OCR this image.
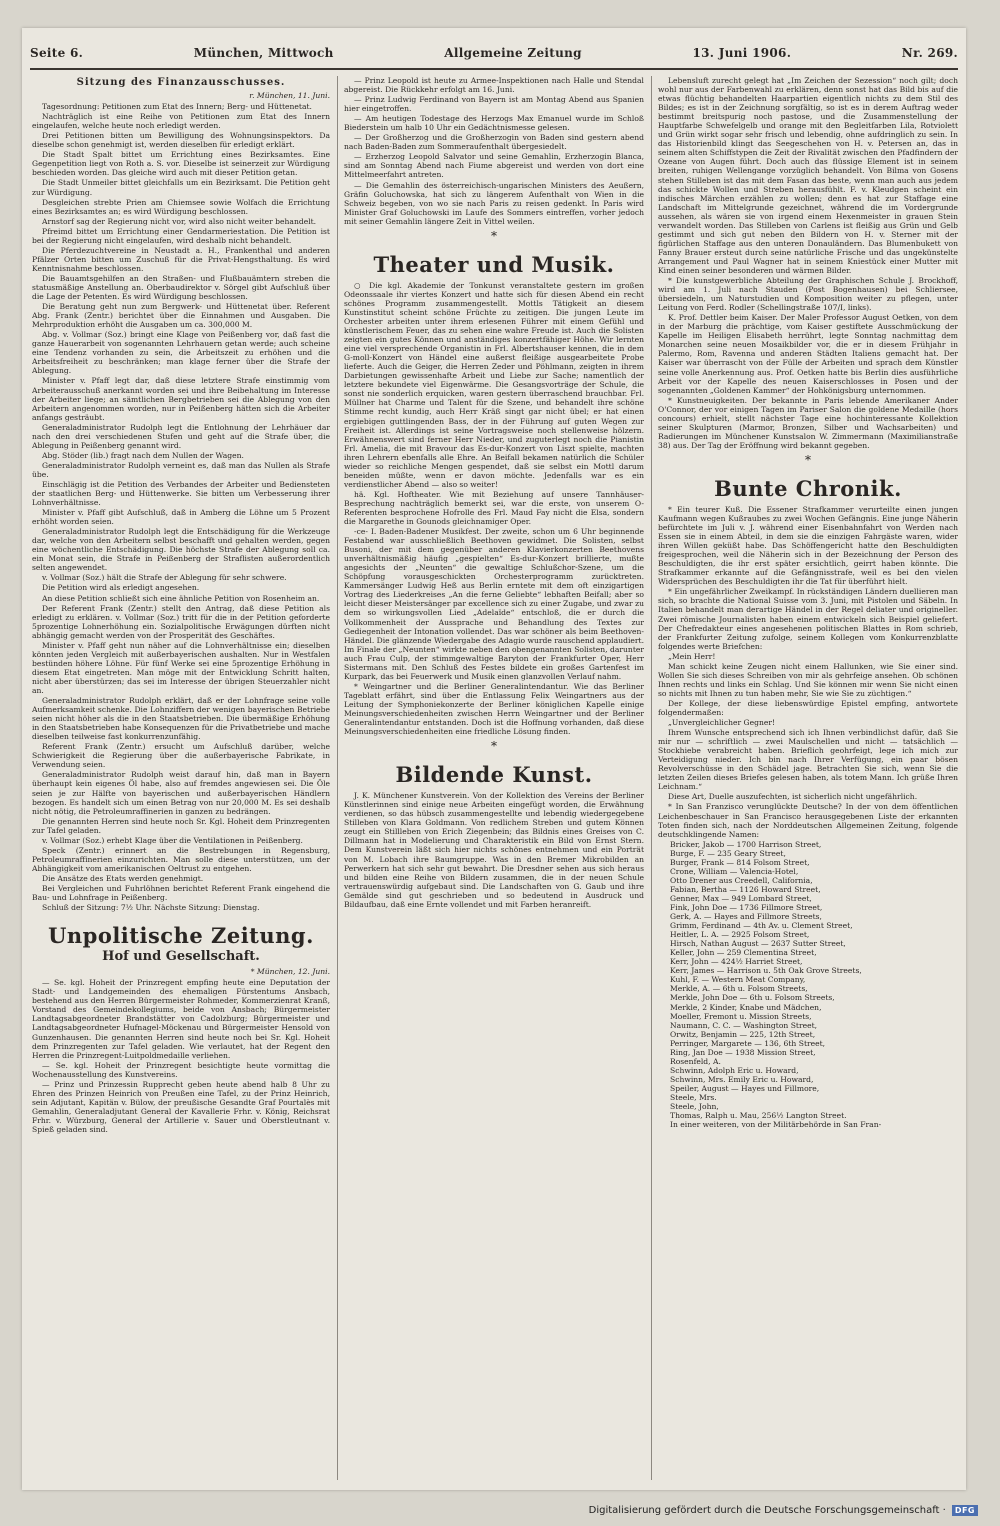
Seite 6.	München, Mittwoch	Allgemeine Zeitung	13. Juni 1906.	Nr. 269.
Sitzung des Finanzausschusses.
r. München, 11. Juni.

Tagesordnung: Petitionen zum Etat des Innern; Berg- und Hüttenetat.

Nachträglich ist eine Reihe von Petitionen zum Etat des Innern eingelaufen, welche heute noch erledigt werden.

Drei Petitionen bitten um Bewilligung des Wohnungsinspektors. Da dieselbe schon genehmigt ist, werden dieselben für erledigt erklärt.

Die Stadt Spalt bittet um Errichtung eines Bezirksamtes. Eine Gegenpetition liegt von Roth a. S. vor. Dieselbe ist seinerzeit zur Würdigung beschieden worden. Das gleiche wird auch mit dieser Petition getan.

Die Stadt Unmeiler bittet gleichfalls um ein Bezirksamt. Die Petition geht zur Würdigung.

Desgleichen strebte Prien am Chiemsee sowie Wolfach die Errichtung eines Bezirksamtes an; es wird Würdigung beschlossen.

Arnstorf sag der Regierung nicht vor, wird also nicht weiter behandelt.

Pfreimd bittet um Errichtung einer Gendarmeriestation. Die Petition ist bei der Regierung nicht eingelaufen, wird deshalb nicht behandelt.

Die Pferdezuchtvereine in Neustadt a. H., Frankenthal und anderen Pfälzer Orten bitten um Zuschuß für die Privat-Hengsthaltung. Es wird Kenntnisnahme beschlossen.

Die Bauamtsgehilfen an den Straßen- und Flußbauämtern streben die statusmäßige Anstellung an. Oberbaudirektor v. Sörgel gibt Aufschluß über die Lage der Petenten. Es wird Würdigung beschlossen.

Die Beratung geht nun zum Bergwerk- und Hüttenetat über. Referent Abg. Frank (Zentr.) berichtet über die Einnahmen und Ausgaben. Die Mehrproduktion erhöht die Ausgaben um ca. 300,000 M.

Abg. v. Vollmar (Soz.) bringt eine Klage von Peißenberg vor, daß fast die ganze Hauerarbeit von sogenannten Lehrhauern getan werde; auch scheine eine Tendenz vorhanden zu sein, die Arbeitszeit zu erhöhen und die Arbeitsfreiheit zu beschränken; man klage ferner über die Strafe der Ablegung.

Minister v. Pfaff legt dar, daß diese letztere Strafe einstimmig vom Arbeiterausschuß anerkannt worden sei und ihre Beibehaltung im Interesse der Arbeiter liege; an sämtlichen Bergbetrieben sei die Ablegung von den Arbeitern angenommen worden, nur in Peißenberg hätten sich die Arbeiter anfangs gesträubt.

Generaladministrator Rudolph legt die Entlohnung der Lehrhäuer dar nach den drei verschiedenen Stufen und geht auf die Strafe über, die Ablegung in Peißenberg genannt wird.

Abg. Stöder (lib.) fragt nach dem Nullen der Wagen.

Generaladministrator Rudolph verneint es, daß man das Nullen als Strafe übe.

Einschlägig ist die Petition des Verbandes der Arbeiter und Bediensteten der staatlichen Berg- und Hüttenwerke. Sie bitten um Verbesserung ihrer Lohnverhältnisse.

Minister v. Pfaff gibt Aufschluß, daß in Amberg die Löhne um 5 Prozent erhöht worden seien.

Generaladministrator Rudolph legt die Entschädigung für die Werkzeuge dar, welche von den Arbeitern selbst beschafft und gehalten werden, gegen eine wöchentliche Entschädigung. Die höchste Strafe der Ablegung soll ca. ein Monat sein, die Strafe in Peißenberg der Straflisten außerordentlich selten angewendet.

v. Vollmar (Soz.) hält die Strafe der Ablegung für sehr schwere.

Die Petition wird als erledigt angesehen.

An diese Petition schließt sich eine ähnliche Petition von Rosenheim an.

Der Referent Frank (Zentr.) stellt den Antrag, daß diese Petition als erledigt zu erklären. v. Vollmar (Soz.) tritt für die in der Petition geforderte 5prozentige Lohnerhöhung ein. Sozialpolitische Erwägungen dürften nicht abhängig gemacht werden von der Prosperität des Geschäftes.

Minister v. Pfaff geht nun näher auf die Lohnverhältnisse ein; dieselben könnten jeden Vergleich mit außerbayerischen aushalten. Nur in Westfalen bestünden höhere Löhne. Für fünf Werke sei eine 5prozentige Erhöhung in diesem Etat eingetreten. Man möge mit der Entwicklung Schritt halten, nicht aber überstürzen; das sei im Interesse der übrigen Steuerzahler nicht an.

Generaladministrator Rudolph erklärt, daß er der Lohnfrage seine volle Aufmerksamkeit schenke. Die Lohnziffern der wenigen bayerischen Betriebe seien nicht höher als die in den Staatsbetrieben. Die übermäßige Erhöhung in den Staatsbetrieben habe Konsequenzen für die Privatbetriebe und mache dieselben teilweise fast konkurrenzunfähig.

Referent Frank (Zentr.) ersucht um Aufschluß darüber, welche Schwierigkeit die Regierung über die außerbayerische Fabrikate, in Verwendung seien.

Generaladministrator Rudolph weist darauf hin, daß man in Bayern überhaupt kein eigenes Öl habe, also auf fremdes angewiesen sei. Die Öle seien je zur Hälfte von bayerischen und außerbayerischen Händlern bezogen. Es handelt sich um einen Betrag von nur 20,000 M. Es sei deshalb nicht nötig, die Petroleumraffinerien in ganzen zu bedrängen.

Die genannten Herren sind heute noch Sr. Kgl. Hoheit dem Prinzregenten zur Tafel geladen.

v. Vollmar (Soz.) erhebt Klage über die Ventilationen in Peißenberg.

Speck (Zentr.) erinnert an die Bestrebungen in Regensburg, Petroleumraffinerien einzurichten. Man solle diese unterstützen, um der Abhängigkeit vom amerikanischen Oeltrust zu entgehen.

Die Ansätze des Etats werden genehmigt.

Bei Vergleichen und Fuhrlöhnen berichtet Referent Frank eingehend die Bau- und Lohnfrage in Peißenberg.

Schluß der Sitzung: 7½ Uhr. Nächste Sitzung: Dienstag.

Unpolitische Zeitung.
Hof und Gesellschaft.
* München, 12. Juni.

— Se. kgl. Hoheit der Prinzregent empfing heute eine Deputation der Stadt- und Landgemeinden des ehemaligen Fürstentums Ansbach, bestehend aus den Herren Bürgermeister Rohmeder, Kommerzienrat Kranß, Vorstand des Gemeindekollegiums, beide von Ansbach; Bürgermeister Landtagsabgeordneter Brandstätter von Cadolzburg; Bürgermeister und Landtagsabgeordneter Hufnagel-Möckenau und Bürgermeister Hensold von Gunzenhausen. Die genannten Herren sind heute noch bei Sr. Kgl. Hoheit dem Prinzregenten zur Tafel geladen. Wie verlautet, hat der Regent den Herren die Prinzregent-Luitpoldmedaille verliehen.

— Se. kgl. Hoheit der Prinzregent besichtigte heute vormittag die Wochenausstellung des Kunstvereins.

— Prinz und Prinzessin Rupprecht geben heute abend halb 8 Uhr zu Ehren des Prinzen Heinrich von Preußen eine Tafel, zu der Prinz Heinrich, sein Adjutant, Kapitän v. Bülow, der preußische Gesandte Graf Pourtalès mit Gemahlin, Generaladjutant General der Kavallerie Frhr. v. König, Reichsrat Frhr. v. Würzburg, General der Artillerie v. Sauer und Oberstleutnant v. Spieß geladen sind.

— Prinz Leopold ist heute zu Armee-Inspektionen nach Halle und Stendal abgereist. Die Rückkehr erfolgt am 16. Juni.

— Prinz Ludwig Ferdinand von Bayern ist am Montag Abend aus Spanien hier eingetroffen.

— Am heutigen Todestage des Herzogs Max Emanuel wurde im Schloß Biederstein um halb 10 Uhr ein Gedächtnismesse gelesen.

— Der Großherzog und die Großherzogin von Baden sind gestern abend nach Baden-Baden zum Sommeraufenthalt übergesiedelt.

— Erzherzog Leopold Salvator und seine Gemahlin, Erzherzogin Blanca, sind am Sonntag Abend nach Fiume abgereist und werden von dort eine Mittelmeerfahrt antreten.

— Die Gemahlin des österreichisch-ungarischen Ministers des Aeußern, Gräfin Goluchowska, hat sich zu längerem Aufenthalt von Wien in die Schweiz begeben, von wo sie nach Paris zu reisen gedenkt. In Paris wird Minister Graf Goluchowski im Laufe des Sommers eintreffen, vorher jedoch mit seiner Gemahlin längere Zeit in Vittel weilen.

*
Theater und Musik.

○ Die kgl. Akademie der Tonkunst veranstaltete gestern im großen Odeonssaale ihr viertes Konzert und hatte sich für diesen Abend ein recht schönes Programm zusammengestellt. Mottls Tätigkeit an diesem Kunstinstitut scheint schöne Früchte zu zeitigen. Die jungen Leute im Orchester arbeiten unter ihrem erlesenen Führer mit einem Gefühl und künstlerischem Feuer, das zu sehen eine wahre Freude ist. Auch die Solisten zeigten ein gutes Können und anständiges konzertfähiger Höhe. Wir lernten eine viel versprechende Organistin in Frl. Albertshauser kennen, die in dem G-moll-Konzert von Händel eine außerst fleißige ausgearbeitete Probe lieferte. Auch die Geiger, die Herren Zeder und Pöhlmann, zeigten in ihrem Darbietungen gewissenhafte Arbeit und Liebe zur Sache; namentlich der letztere bekundete viel Eigenwärme. Die Gesangsvorträge der Schule, die sonst nie sonderlich erquicken, waren gestern überraschend brauchbar. Frl. Müllner hat Charme und Talent für die Szene, und behandelt ihre schöne Stimme recht kundig, auch Herr Kräß singt gar nicht übel; er hat einen ergiebigen guttlingenden Bass, der in der Führung auf guten Wegen zur Freiheit ist. Allerdings ist seine Vortragsweise noch stellenweise hölzern. Erwähnenswert sind ferner Herr Nieder, und zuguterlegt noch die Pianistin Frl. Amelia, die mit Bravour das Es-dur-Konzert von Liszt spielte, machten ihren Lehrern ebenfalls alle Ehre. An Beifall bekamen natürlich die Schüler wieder so reichliche Mengen gespendet, daß sie selbst ein Mottl darum beneiden müßte, wenn er davon möchte. Jedenfalls war es ein verdienstlicher Abend — also so weiter!

hä. Kgl. Hoftheater. Wie mit Beziehung auf unsere Tannhäuser-Besprechung nachträglich bemerkt sei, war die erste, von unserem O-Referenten besprochene Hofrolle des Frl. Maud Fay nicht die Elsa, sondern die Margarethe in Gounods gleichnamiger Oper.

-ce- I. Baden-Badener Musikfest. Der zweite, schon um 6 Uhr beginnende Festabend war ausschließlich Beethoven gewidmet. Die Solisten, selbst Busoni, der mit dem gegenüber anderen Klavierkonzerten Beethovens unverhältnismäßig häufig „gespielten“ Es-dur-Konzert brillierte, mußte angesichts der „Neunten“ die gewaltige Schlußchor-Szene, um die Schöpfung vorausgeschickten Orchesterprogramm zurücktreten. Kammersänger Ludwig Heß aus Berlin erntete mit dem oft einzigartigen Vortrag des Liederkreises „An die ferne Geliebte“ lebhaften Beifall; aber so leicht dieser Meistersänger par excellence sich zu einer Zugabe, und zwar zu dem so wirkungsvollen Lied „Adelaïde“ entschloß, die er durch die Vollkommenheit der Aussprache und Behandlung des Textes zur Gediegenheit der Intonation vollendet. Das war schöner als beim Beethoven-Händel. Die glänzende Wiedergabe des Adagio wurde rauschend applaudiert. Im Finale der „Neunten“ wirkte neben den obengenannten Solisten, darunter auch Frau Culp, der stimmgewaltige Baryton der Frankfurter Oper, Herr Sistermans mit. Den Schluß des Festes bildete ein großes Gartenfest im Kurpark, das bei Feuerwerk und Musik einen glanzvollen Verlauf nahm.

* Weingartner und die Berliner Generalintendantur. Wie das Berliner Tageblatt erfährt, sind über die Entlassung Felix Weingartners aus der Leitung der Symphoniekonzerte der Berliner königlichen Kapelle einige Meinungsverschiedenheiten zwischen Herrn Weingartner und der Berliner Generalintendantur entstanden. Doch ist die Hoffnung vorhanden, daß diese Meinungsverschiedenheiten eine friedliche Lösung finden.

*
Bildende Kunst.

J. K. Münchener Kunstverein. Von der Kollektion des Vereins der Berliner Künstlerinnen sind einige neue Arbeiten eingefügt worden, die Erwähnung verdienen, so das hübsch zusammengestellte und lebendig wiedergegebene Stilleben von Klara Goldmann. Von redlichem Streben und gutem Können zeugt ein Stillleben von Erich Ziegenbein; das Bildnis eines Greises von C. Dillmann hat in Modelierung und Charakteristik ein Bild von Ernst Stern. Dem Kunstverein läßt sich hier nichts schönes entnehmen und ein Porträt von M. Lobach ihre Baumgruppe. Was in den Bremer Mikrobilden an Perwerkern hat sich sehr gut bewahrt. Die Dresdner sehen aus sich heraus und bilden eine Reihe von Bildern zusammen, die in der neuen Schule vertrauenswürdig aufgebaut sind. Die Landschaften von G. Gaub und ihre Gemälde sind gut geschrieben und so bedeutend in Ausdruck und Bildaufbau, daß eine Ernte vollendet und mit Farben heranreift.

Lebensluft zurecht gelegt hat „Im Zeichen der Sezession“ noch gilt; doch wohl nur aus der Farbenwahl zu erklären, denn sonst hat das Bild bis auf die etwas flüchtig behandelten Haarpartien eigentlich nichts zu dem Stil des Bildes; es ist in der Zeichnung sorgfältig, so ist es in derem Auftrag weder bestimmt breitspurig noch pastose, und die Zusammenstellung der Hauptfarbe Schwefelgelb und orange mit den Begleitfarben Lila, Rotviolett und Grün wirkt sogar sehr frisch und lebendig, ohne aufdringlich zu sein. In das Historienbild klingt das Seegeschehen von H. v. Petersen an, das in seinem alten Schiffstypen die Zeit der Rivalität zwischen den Pfadfindern der Ozeane von Augen führt. Doch auch das flüssige Element ist in seinem breiten, ruhigen Wellengange vorzüglich behandelt. Von Bilma von Gosens stehen Stilleben ist das mit dem Fasan das beste, wenn man auch aus jedem das schickte Wollen und Streben herausfühlt. F. v. Kleudgen scheint ein indisches Märchen erzählen zu wollen; denn es hat zur Staffage eine Landschaft im Mittelgrunde gezeichnet, während die im Vordergrunde aussehen, als wären sie von irgend einem Hexenmeister in grauen Stein verwandelt worden. Das Stilleben von Carlens ist fleißig aus Grün und Gelb gestimmt und sich gut neben den Bildern von H. v. Sterner mit der figürlichen Staffage aus den unteren Donauländern. Das Blumenbukett von Fanny Brauer ersteut durch seine natürliche Frische und das ungekünstelte Arrangement und Paul Wagner hat in seinem Kniestück einer Mutter mit Kind einen seiner besonderen und wärmen Bilder.

* Die kunstgewerbliche Abteilung der Graphischen Schule J. Brockhoff, wird am 1. Juli nach Stauden (Post Bogenhausen) bei Schliersee, übersiedeln, um Naturstudien und Komposition weiter zu pflegen, unter Leitung von Ferd. Rodler (Schellingstraße 107/I, links).

K. Prof. Dettler beim Kaiser. Der Maler Professor August Oetken, von dem in der Marburg die prächtige, vom Kaiser gestiftete Ausschmückung der Kapelle im Heiligen Elisabeth herrührt, legte Sonntag nachmittag dem Monarchen seine neuen Mosaikbilder vor, die er in diesem Frühjahr in Palermo, Rom, Ravenna und anderen Städten Italiens gemacht hat. Der Kaiser war überrascht von der Fülle der Arbeiten und sprach dem Künstler seine volle Anerkennung aus. Prof. Oetken hatte bis Berlin dies ausführliche Arbeit vor der Kapelle des neuen Kaiserschlosses in Posen und der sogenannten „Goldenen Kammer“ der Hohkönigsburg unternommen.

* Kunstneuigkeiten. Der bekannte in Paris lebende Amerikaner Ander O'Connor, der vor einigen Tagen im Pariser Salon die goldene Medaille (hors concours) erhielt, stellt nächster Tage eine hochinteressante Kollektion seiner Skulpturen (Marmor, Bronzen, Silber und Wachsarbeiten) und Radierungen im Münchener Kunstsalon W. Zimmermann (Maximilianstraße 38) aus. Der Tag der Eröffnung wird bekannt gegeben.

*
Bunte Chronik.

* Ein teurer Kuß. Die Essener Strafkammer verurteilte einen jungen Kaufmann wegen Kußraubes zu zwei Wochen Gefängnis. Eine junge Näherin befürchtete im Juli v. J. während einer Eisenbahnfahrt von Werden nach Essen sie in einem Abteil, in dem sie die einzigen Fahrgäste waren, wider ihren Willen geküßt habe. Das Schöffengericht hatte den Beschuldigten freigesprochen, weil die Näherin sich in der Bezeichnung der Person des Beschuldigten, die ihr erst später ersichtlich, geirrt haben könnte. Die Strafkammer erkannte auf die Gefängnisstrafe, weil es bei den vielen Widersprüchen des Beschuldigten ihr die Tat für überführt hielt.

* Ein ungefährlicher Zweikampf. In rückständigen Ländern duellieren man sich, so brachte die National Suisse vom 3. Juni, mit Pistolen und Säbeln. In Italien behandelt man derartige Händel in der Regel deliater und origineller. Zwei römische Journalisten haben einem entwickeln sich Beispiel geliefert. Der Chefredakteur eines angesehenen politischen Blattes in Rom schrieb, der Frankfurter Zeitung zufolge, seinem Kollegen vom Konkurrenzblatte folgendes werte Briefchen:

„Mein Herr!

Man schickt keine Zeugen nicht einem Hallunken, wie Sie einer sind. Wollen Sie sich dieses Schreiben von mir als gehrfeige ansehen. Ob schönen Ihnen rechts und links ein Schlag. Und Sie können mir wenn Sie nicht einen so nichts mit Ihnen zu tun haben mehr, Sie wie Sie zu züchtigen.“

Der Kollege, der diese liebenswürdige Epistel empfing, antwortete folgendermaßen:

„Unvergleichlicher Gegner!

Ihrem Wunsche entsprechend sich ich Ihnen verbindlichst dafür, daß Sie mir nur — schriftlich — zwei Maulschellen und nicht — tatsächlich — Stockhiebe verabreicht haben. Brieflich geohrfeigt, lege ich mich zur Verteidigung nieder. Ich bin nach Ihrer Verfügung, ein paar bösen Revolverschüsse in den Schädel jage. Betrachten Sie sich, wenn Sie die letzten Zeilen dieses Briefes gelesen haben, als totem Mann. Ich grüße Ihren Leichnam.“

Diese Art, Duelle auszufechten, ist sicherlich nicht ungefährlich.

* In San Franzisco verunglückte Deutsche? In der von dem öffentlichen Leichenbeschauer in San Francisco herausgegebenen Liste der erkannten Toten finden sich, nach der Norddeutschen Allgemeinen Zeitung, folgende deutschklingende Namen:

Bricker, Jakob — 1700 Harrison Street,
Burge, F. — 235 Geary Street,
Burger, Frank — 814 Folsom Street,
Crone, William — Valencia-Hotel,
Otto Drener aus Creedell, California,
Fabian, Bertha — 1126 Howard Street,
Genner, Max — 949 Lombard Street,
Fink, John Doe — 1736 Fillmore Street,
Gerk, A. — Hayes and Fillmore Streets,
Grimm, Ferdinand — 4th Av. u. Clement Street,
Heitler, L. A. — 2925 Folsom Street,
Hirsch, Nathan August — 2637 Sutter Street,
Keller, John — 259 Clementina Street,
Kerr, John — 424½ Harriet Street,
Kerr, James — Harrison u. 5th Oak Grove Streets,
Kuhl, F. — Western Meat Company,
Merkle, A. — 6th u. Folsom Streets,
Merkle, John Doe — 6th u. Folsom Streets,
Merkle, 2 Kinder, Knabe und Mädchen,
Moeller, Fremont u. Mission Streets,
Naumann, C. C. — Washington Street,
Orwitz, Benjamin — 225, 12th Street,
Perringer, Margarete — 136, 6th Street,
Ring, Jan Doe — 1938 Mission Street,
Rosenfeld, A.
Schwinn, Adolph Eric u. Howard,
Schwinn, Mrs. Emily Eric u. Howard,
Speiler, August — Hayes und Fillmore,
Steele, Mrs.
Steele, John,
Thomas, Ralph u. Mau, 256½ Langton Street.
In einer weiteren, von der Militärbehörde in San Fran-
Digitalisierung gefördert durch die Deutsche Forschungsgemeinschaft ·	DFG
